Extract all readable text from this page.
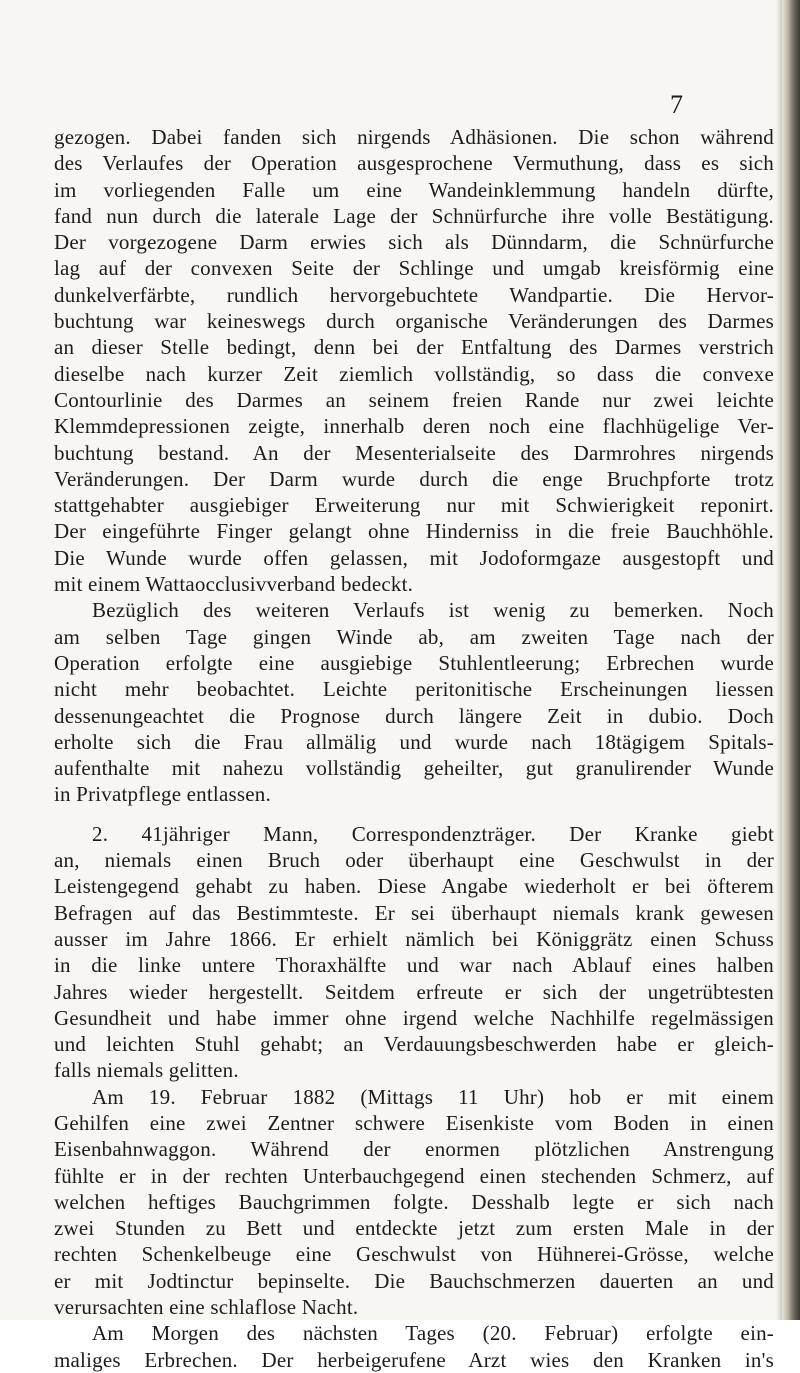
7
gezogen. Dabei fanden sich nirgends Adhäsionen. Die schon während
des Verlaufes der Operation ausgesprochene Vermuthung, dass es sich
im vorliegenden Falle um eine Wandeinklemmung handeln dürfte,
fand nun durch die laterale Lage der Schnürfurche ihre volle Bestätigung.
Der vorgezogene Darm erwies sich als Dünndarm, die Schnürfurche
lag auf der convexen Seite der Schlinge und umgab kreisförmig eine
dunkelverfärbte, rundlich hervorgebuchtete Wandpartie. Die Hervor-
buchtung war keineswegs durch organische Veränderungen des Darmes
an dieser Stelle bedingt, denn bei der Entfaltung des Darmes verstrich
dieselbe nach kurzer Zeit ziemlich vollständig, so dass die convexe
Contourlinie des Darmes an seinem freien Rande nur zwei leichte
Klemmdepressionen zeigte, innerhalb deren noch eine flachhügelige Ver-
buchtung bestand. An der Mesenterialseite des Darmrohres nirgends
Veränderungen. Der Darm wurde durch die enge Bruchpforte trotz
stattgehabter ausgiebiger Erweiterung nur mit Schwierigkeit reponirt.
Der eingeführte Finger gelangt ohne Hinderniss in die freie Bauchhöhle.
Die Wunde wurde offen gelassen, mit Jodoformgaze ausgestopft und
mit einem Wattaocclusivverband bedeckt.
Bezüglich des weiteren Verlaufs ist wenig zu bemerken. Noch
am selben Tage gingen Winde ab, am zweiten Tage nach der
Operation erfolgte eine ausgiebige Stuhlentleerung; Erbrechen wurde
nicht mehr beobachtet. Leichte peritonitische Erscheinungen liessen
dessenungeachtet die Prognose durch längere Zeit in dubio. Doch
erholte sich die Frau allmälig und wurde nach 18tägigem Spitals-
aufenthalte mit nahezu vollständig geheilter, gut granulirender Wunde
in Privatpflege entlassen.
2. 41jähriger Mann, Correspondenzträger. Der Kranke giebt
an, niemals einen Bruch oder überhaupt eine Geschwulst in der
Leistengegend gehabt zu haben. Diese Angabe wiederholt er bei öfterem
Befragen auf das Bestimmteste. Er sei überhaupt niemals krank gewesen
ausser im Jahre 1866. Er erhielt nämlich bei Königgrätz einen Schuss
in die linke untere Thoraxhälfte und war nach Ablauf eines halben
Jahres wieder hergestellt. Seitdem erfreute er sich der ungetrübtesten
Gesundheit und habe immer ohne irgend welche Nachhilfe regelmässigen
und leichten Stuhl gehabt; an Verdauungsbeschwerden habe er gleich-
falls niemals gelitten.
Am 19. Februar 1882 (Mittags 11 Uhr) hob er mit einem
Gehilfen eine zwei Zentner schwere Eisenkiste vom Boden in einen
Eisenbahnwaggon. Während der enormen plötzlichen Anstrengung
fühlte er in der rechten Unterbauchgegend einen stechenden Schmerz, auf
welchen heftiges Bauchgrimmen folgte. Desshalb legte er sich nach
zwei Stunden zu Bett und entdeckte jetzt zum ersten Male in der
rechten Schenkelbeuge eine Geschwulst von Hühnerei-Grösse, welche
er mit Jodtinctur bepinselte. Die Bauchschmerzen dauerten an und
verursachten eine schlaflose Nacht.
Am Morgen des nächsten Tages (20. Februar) erfolgte ein-
maliges Erbrechen. Der herbeigerufene Arzt wies den Kranken in's
